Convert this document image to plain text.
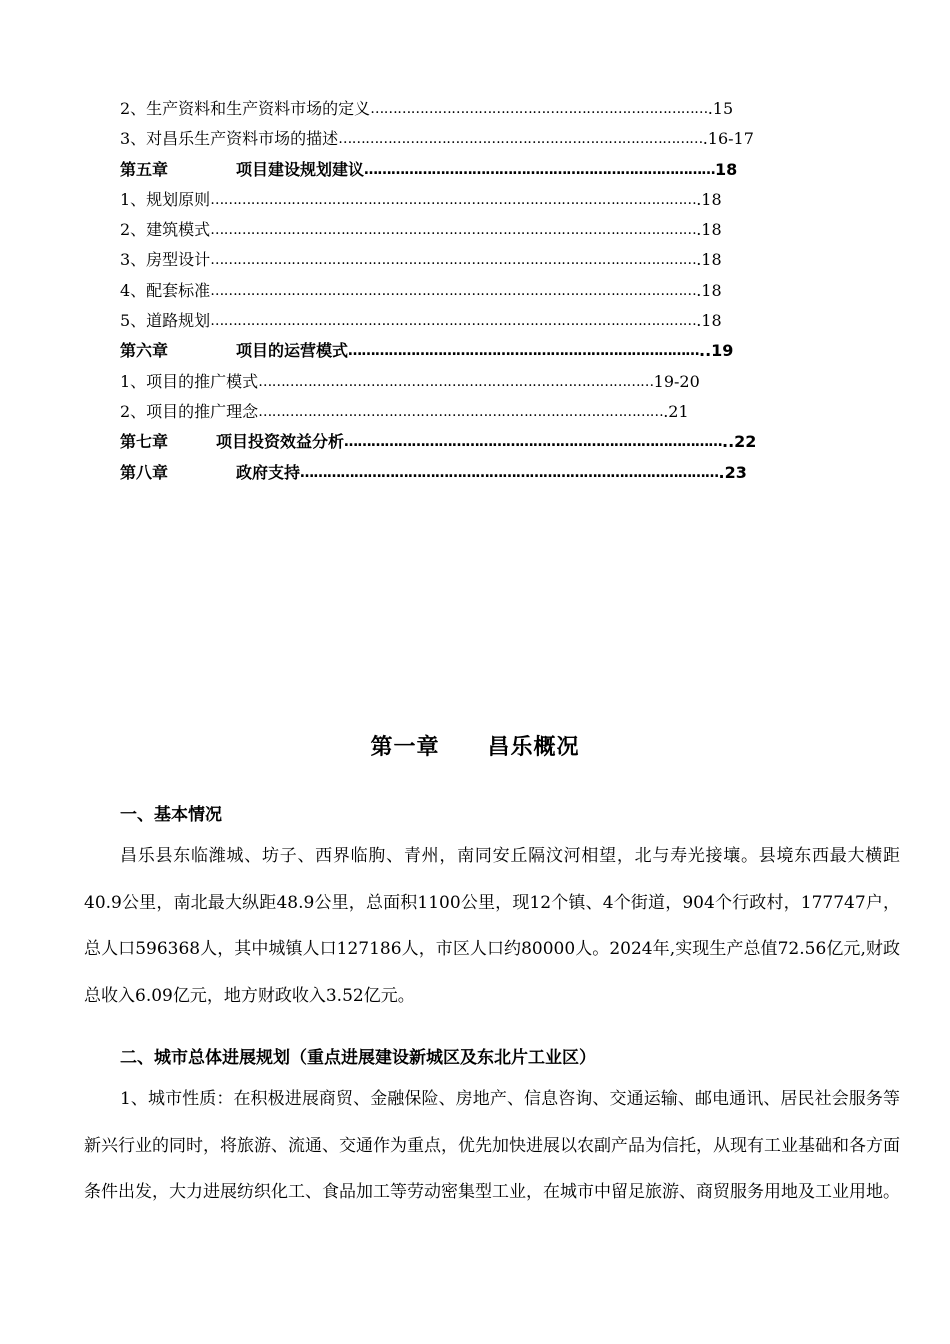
2、生产资料和生产资料市场的定义………………………………………………………………….15
3、对昌乐生产资料市场的描述……………………………………………………………………….16-17
第五章	项目建设规划建议……………………………………………………………………18
1、规划原则……………………………………………………………………………………………….18
2、建筑模式……………………………………………………………………………………………….18
3、房型设计……………………………………………………………………………………………….18
4、配套标准……………………………………………………………………………………………….18
5、道路规划……………………………………………………………………………………………….18
第六章	项目的运营模式……………………………………………………………………..19
1、项目的推广模式……………………………………….……………………………………19-20
2、项目的推广理念……………………………………………………………………………….21
第七章	项目投资效益分析…………………………………………………………………………..22
第八章	政府支持………………………………………………………………………………….23
第一章 昌乐概况
一、基本情况
昌乐县东临潍城、坊子、西界临朐、青州，南同安丘隔汶河相望，北与寿光接壤。县境东西最大横距40.9公里，南北最大纵距48.9公里，总面积1100公里，现12个镇、4个街道，904个行政村，177747户，总人口596368人，其中城镇人口127186人，市区人口约80000人。2024年,实现生产总值72.56亿元,财政总收入6.09亿元，地方财政收入3.52亿元。
二、城市总体进展规划（重点进展建设新城区及东北片工业区）
1、城市性质：在积极进展商贸、金融保险、房地产、信息咨询、交通运输、邮电通讯、居民社会服务等新兴行业的同时，将旅游、流通、交通作为重点，优先加快进展以农副产品为信托，从现有工业基础和各方面条件出发，大力进展纺织化工、食品加工等劳动密集型工业，在城市中留足旅游、商贸服务用地及工业用地。
